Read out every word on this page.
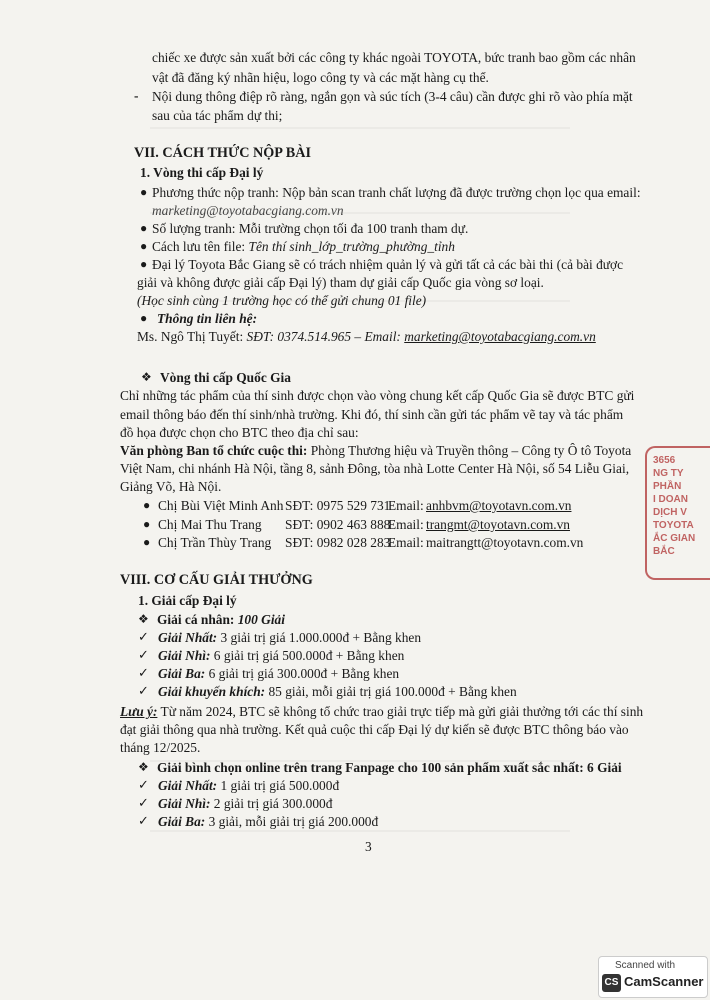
chiếc xe được sản xuất bởi các công ty khác ngoài TOYOTA, bức tranh bao gồm các nhân
vật đã đăng ký nhãn hiệu, logo công ty và các mặt hàng cụ thể.
- Nội dung thông điệp rõ ràng, ngắn gọn và súc tích (3-4 câu) cần được ghi rõ vào phía mặt
sau của tác phẩm dự thi;
VII. CÁCH THỨC NỘP BÀI
1. Vòng thi cấp Đại lý
● Phương thức nộp tranh: Nộp bản scan tranh chất lượng đã được trường chọn lọc qua email:
marketing@toyotabacgiang.com.vn
● Số lượng tranh: Mỗi trường chọn tối đa 100 tranh tham dự.
● Cách lưu tên file: Tên thí sinh_lớp_trường_phường_tỉnh
● Đại lý Toyota Bắc Giang sẽ có trách nhiệm quản lý và gửi tất cả các bài thi (cả bài được
giải và không được giải cấp Đại lý) tham dự giải cấp Quốc gia vòng sơ loại.
(Học sinh cùng 1 trường học có thể gửi chung 01 file)
● Thông tin liên hệ:
Ms. Ngô Thị Tuyết: SĐT: 0374.514.965 – Email: marketing@toyotabacgiang.com.vn
❖ Vòng thi cấp Quốc Gia
Chỉ những tác phẩm của thí sinh được chọn vào vòng chung kết cấp Quốc Gia sẽ được BTC gửi
email thông báo đến thí sinh/nhà trường. Khi đó, thí sinh cần gửi tác phẩm vẽ tay và tác phẩm
đồ họa được chọn cho BTC theo địa chỉ sau:
Văn phòng Ban tổ chức cuộc thi: Phòng Thương hiệu và Truyền thông – Công ty Ô tô Toyota
Việt Nam, chi nhánh Hà Nội, tầng 8, sảnh Đông, tòa nhà Lotte Center Hà Nội, số 54 Liễu Giai,
Giảng Võ, Hà Nội.
● Chị Bùi Việt Minh Anh SĐT: 0975 529 731
Email: anhbvm@toyotavn.com.vn
● Chị Mai Thu Trang SĐT: 0902 463 888
Email: trangmt@toyotavn.com.vn
● Chị Trần Thùy Trang SĐT: 0982 028 283
Email: maitrangtt@toyotavn.com.vn
VIII. CƠ CẤU GIẢI THƯỞNG
1. Giải cấp Đại lý
❖ Giải cá nhân: 100 Giải
✓ Giải Nhất: 3 giải trị giá 1.000.000đ + Bằng khen
✓ Giải Nhì: 6 giải trị giá 500.000đ + Bằng khen
✓ Giải Ba: 6 giải trị giá 300.000đ + Bằng khen
✓ Giải khuyến khích: 85 giải, mỗi giải trị giá 100.000đ + Bằng khen
Lưu ý: Từ năm 2024, BTC sẽ không tổ chức trao giải trực tiếp mà gửi giải thưởng tới các thí sinh
đạt giải thông qua nhà trường. Kết quả cuộc thi cấp Đại lý dự kiến sẽ được BTC thông báo vào
tháng 12/2025.
❖ Giải bình chọn online trên trang Fanpage cho 100 sản phẩm xuất sắc nhất: 6 Giải
✓ Giải Nhất: 1 giải trị giá 500.000đ
✓ Giải Nhì: 2 giải trị giá 300.000đ
✓ Giải Ba: 3 giải, mỗi giải trị giá 200.000đ
3
3656
NG TY
PHẦN
I DOAN
DỊCH V
TOYOTA
ẮC GIAN
BẮC
Scanned with
CS CamScanner
